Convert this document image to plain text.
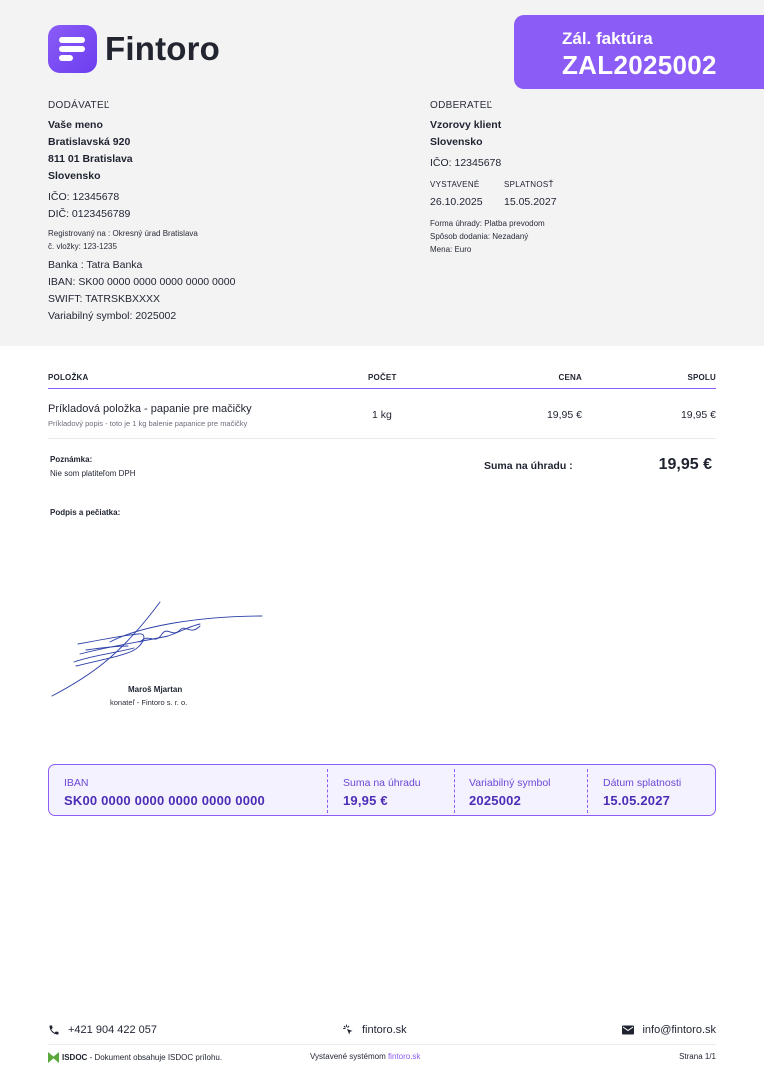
Fintoro	Zál. faktúra
ZAL2025002
DODÁVATEĽ
Vaše meno
Bratislavská 920
811 01 Bratislava
Slovensko
IČO: 12345678
DIČ: 0123456789
Registrovaný na : Okresný úrad Bratislava
č. vložky: 123-1235
Banka : Tatra Banka
IBAN: SK00 0000 0000 0000 0000 0000
SWIFT: TATRSKBXXXX
Variabilný symbol: 2025002
ODBERATEĽ
Vzorovy klient
Slovensko
IČO: 12345678
VYSTAVENÉ
26.10.2025
SPLATNOSŤ
15.05.2027
Forma úhrady: Platba prevodom
Spôsob dodania: Nezadaný
Mena: Euro
POLOŽKA	POČET	CENA	SPOLU
Príkladová položka - papanie pre mačičky
Príkladový popis - toto je 1 kg balenie papanice pre mačičky
1 kg	19,95 €	19,95 €
Poznámka:
Nie som platiteľom DPH
Suma na úhradu :	19,95 €
Podpis a pečiatka:
Maroš Mjartan
konateľ - Fintoro s. r. o.
IBAN
SK00 0000 0000 0000 0000 0000
Suma na úhradu
19,95 €
Variabilný symbol
2025002
Dátum splatnosti
15.05.2027
+421 904 422 057	fintoro.sk	info@fintoro.sk
ISDOC - Dokument obsahuje ISDOC prílohu.	Vystavené systémom fintoro.sk	Strana 1/1
